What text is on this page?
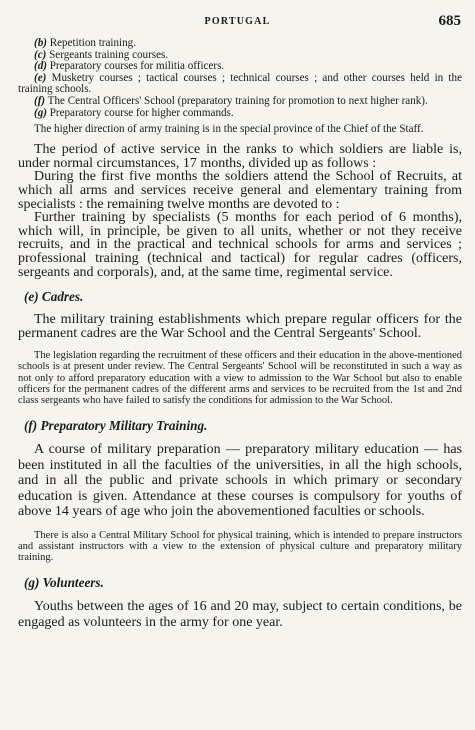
PORTUGAL	685

(b) Repetition training.

(c) Sergeants training courses.

(d) Preparatory courses for militia officers.

(e) Musketry courses ; tactical courses ; technical courses ; and other courses held in the training schools.

(f) The Central Officers' School (preparatory training for promotion to next higher rank).

(g) Preparatory course for higher commands.

The higher direction of army training is in the special province of the Chief of the Staff.

The period of active service in the ranks to which soldiers are liable is, under normal circumstances, 17 months, divided up as follows :

During the first five months the soldiers attend the School of Recruits, at which all arms and services receive general and elementary training from specialists : the remaining twelve months are devoted to :

Further training by specialists (5 months for each period of 6 months), which will, in principle, be given to all units, whether or not they receive recruits, and in the practical and technical schools for arms and services ; professional training (technical and tactical) for regular cadres (officers, sergeants and corporals), and, at the same time, regimental service.

(e) Cadres.

The military training establishments which prepare regular officers for the permanent cadres are the War School and the Central Sergeants' School.

The legislation regarding the recruitment of these officers and their education in the above-mentioned schools is at present under review. The Central Sergeants' School will be reconstituted in such a way as not only to afford preparatory education with a view to admission to the War School but also to enable officers for the permanent cadres of the different arms and services to be recruited from the 1st and 2nd class sergeants who have failed to satisfy the conditions for admission to the War School.

(f) Preparatory Military Training.

A course of military preparation — preparatory military education — has been instituted in all the faculties of the universities, in all the high schools, and in all the public and private schools in which primary or secondary education is given. Attendance at these courses is compulsory for youths of above 14 years of age who join the abovementioned faculties or schools.

There is also a Central Military School for physical training, which is intended to prepare instructors and assistant instructors with a view to the extension of physical culture and preparatory military training.

(g) Volunteers.

Youths between the ages of 16 and 20 may, subject to certain conditions, be engaged as volunteers in the army for one year.
